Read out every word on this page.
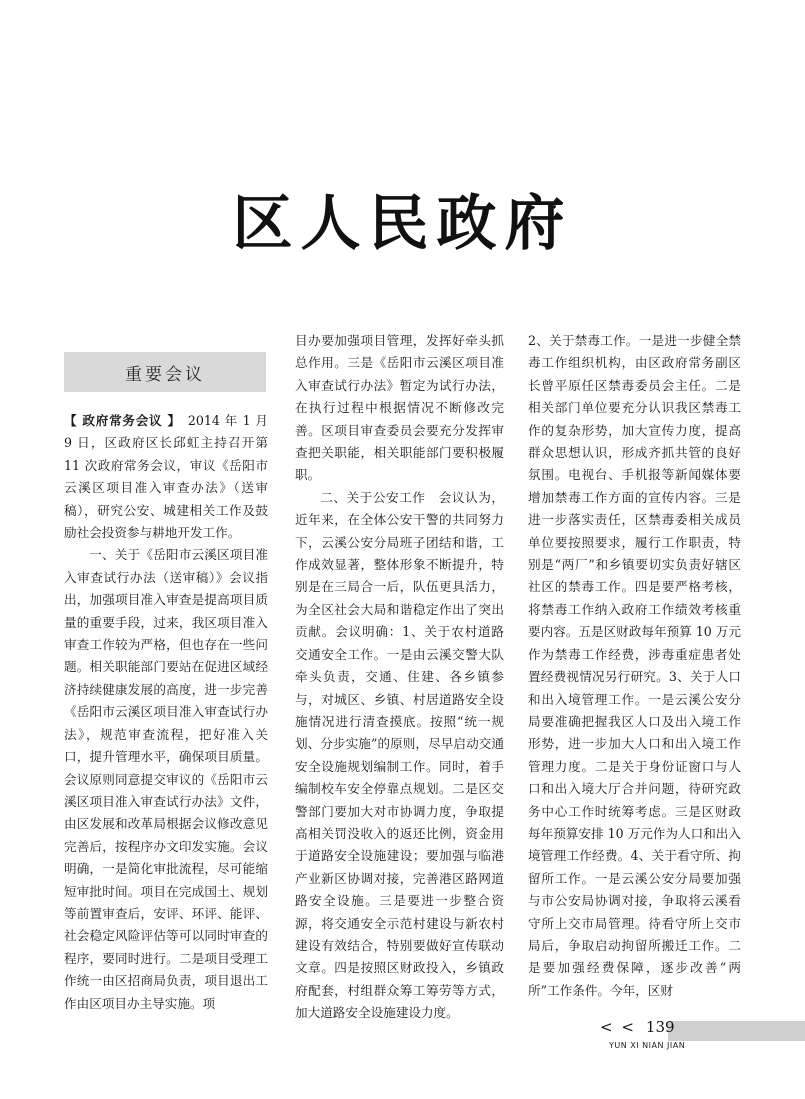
区人民政府
重要会议

【 政府常务会议 】　 2014 年 1 月 9 日，区政府区长邱虹主持召开第 11 次政府常务会议，审议《岳阳市云溪区项目准入审查办法》（送审稿），研究公安、城建相关工作及鼓励社会投资参与耕地开发工作。

一、关于《岳阳市云溪区项目准入审查试行办法（送审稿）》会议指出，加强项目准入审查是提高项目质量的重要手段，过来，我区项目准入审查工作较为严格，但也存在一些问题。相关职能部门要站在促进区域经济持续健康发展的高度，进一步完善《岳阳市云溪区项目准入审查试行办法》，规范审查流程，把好准入关口，提升管理水平，确保项目质量。会议原则同意提交审议的《岳阳市云溪区项目准入审查试行办法》文件，由区发展和改革局根据会议修改意见完善后，按程序办文印发实施。会议明确，一是简化审批流程，尽可能缩短审批时间。项目在完成国土、规划等前置审查后，安评、环评、能评、社会稳定风险评估等可以同时审查的程序，要同时进行。二是项目受理工作统一由区招商局负责，项目退出工作由区项目办主导实施。项

目办要加强项目管理，发挥好牵头抓总作用。三是《岳阳市云溪区项目准入审查试行办法》暂定为试行办法，在执行过程中根据情况不断修改完善。区项目审查委员会要充分发挥审查把关职能，相关职能部门要积极履职。

二、关于公安工作　会议认为，近年来，在全体公安干警的共同努力下，云溪公安分局班子团结和谐，工作成效显著，整体形象不断提升，特别是在三局合一后，队伍更具活力，为全区社会大局和谐稳定作出了突出贡献。会议明确：1、关于农村道路交通安全工作。一是由云溪交警大队牵头负责，交通、住建、各乡镇参与，对城区、乡镇、村居道路安全设施情况进行清查摸底。按照“统一规划、分步实施”的原则，尽早启动交通安全设施规划编制工作。同时，着手编制校车安全停靠点规划。二是区交警部门要加大对市协调力度，争取提高相关罚没收入的返还比例，资金用于道路安全设施建设；要加强与临港产业新区协调对接，完善港区路网道路安全设施。三是要进一步整合资源，将交通安全示范村建设与新农村建设有效结合，特别要做好宣传联动文章。四是按照区财政投入，乡镇政府配套，村组群众筹工筹劳等方式，加大道路安全设施建设力度。

2、关于禁毒工作。一是进一步健全禁毒工作组织机构，由区政府常务副区长曾平原任区禁毒委员会主任。二是相关部门单位要充分认识我区禁毒工作的复杂形势，加大宣传力度，提高群众思想认识，形成齐抓共管的良好氛围。电视台、手机报等新闻媒体要增加禁毒工作方面的宣传内容。三是进一步落实责任，区禁毒委相关成员单位要按照要求，履行工作职责，特别是“两厂”和乡镇要切实负责好辖区社区的禁毒工作。四是要严格考核，将禁毒工作纳入政府工作绩效考核重要内容。五是区财政每年预算 10 万元作为禁毒工作经费，涉毒重症患者处置经费视情况另行研究。3、关于人口和出入境管理工作。一是云溪公安分局要准确把握我区人口及出入境工作形势，进一步加大人口和出入境工作管理力度。二是关于身份证窗口与人口和出入境大厅合并问题，待研究政务中心工作时统筹考虑。三是区财政每年预算安排 10 万元作为人口和出入境管理工作经费。4、关于看守所、拘留所工作。一是云溪公安分局要加强与市公安局协调对接，争取将云溪看守所上交市局管理。待看守所上交市局后，争取启动拘留所搬迁工作。二是要加强经费保障，逐步改善“两所”工作条件。今年，区财

< < 139
YUN XI NIAN JIAN
